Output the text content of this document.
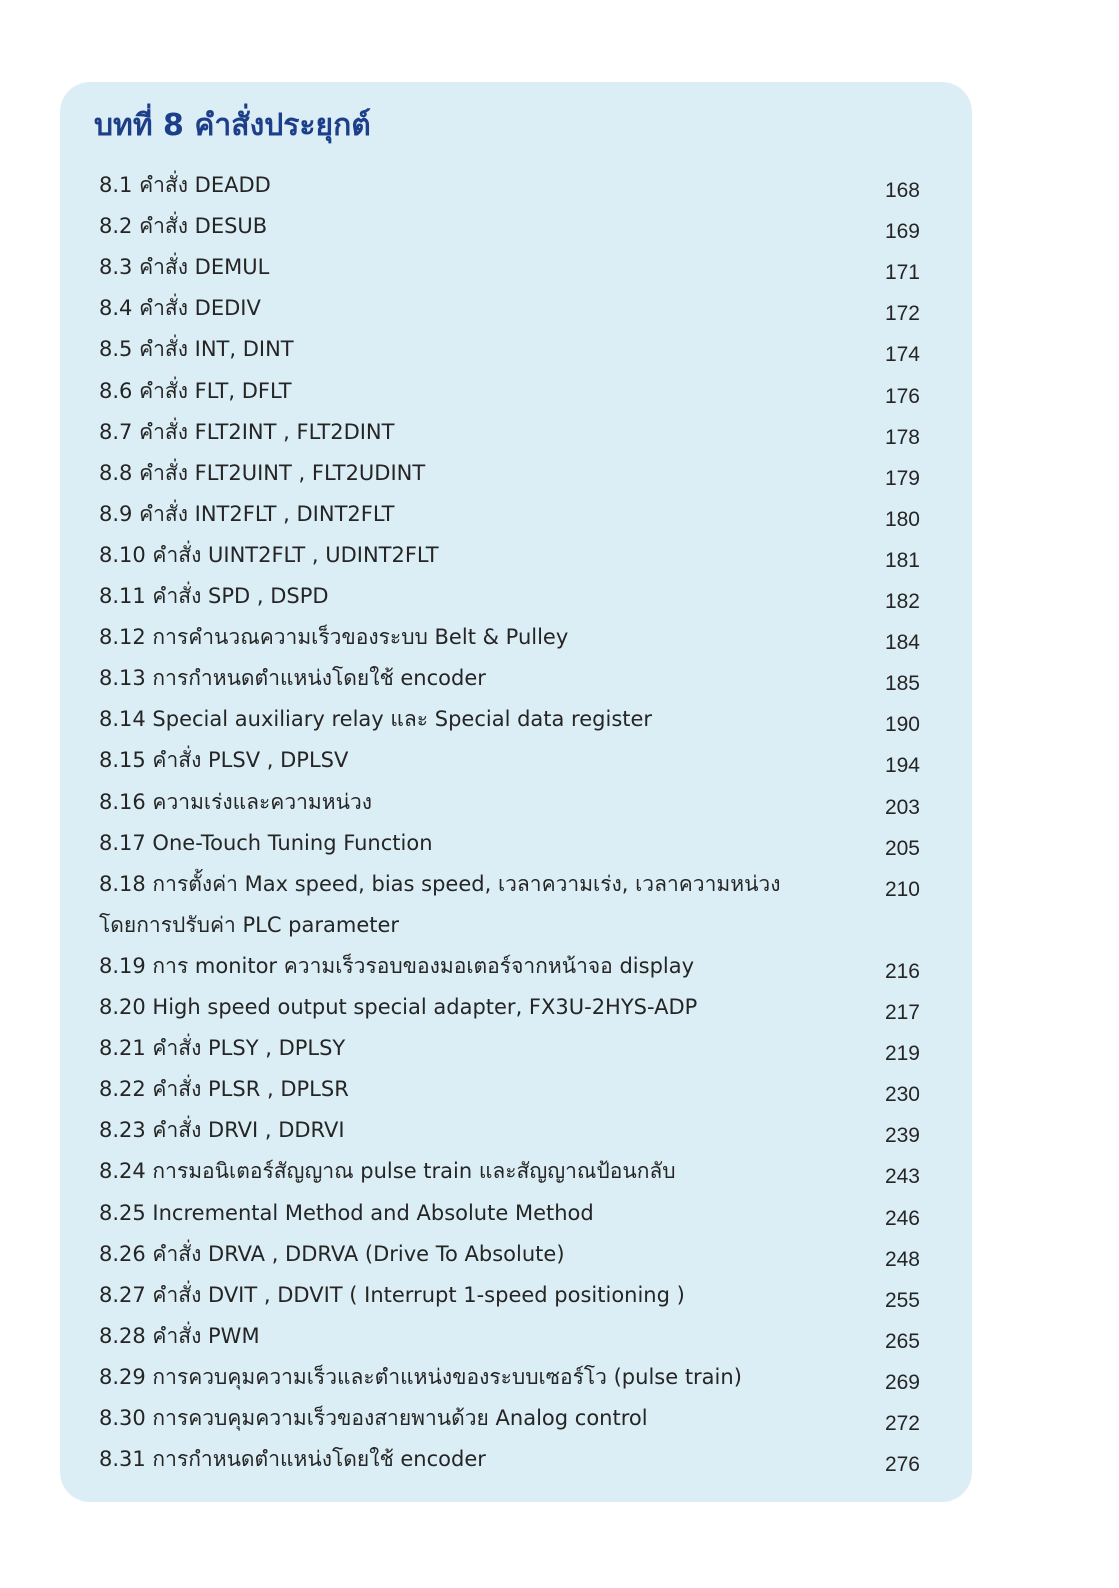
บทที่ 8 คำสั่งประยุกต์
8.1 คำสั่ง DEADD	168
8.2 คำสั่ง DESUB	169
8.3 คำสั่ง DEMUL	171
8.4 คำสั่ง DEDIV	172
8.5 คำสั่ง INT, DINT	174
8.6 คำสั่ง FLT, DFLT	176
8.7 คำสั่ง FLT2INT , FLT2DINT	178
8.8 คำสั่ง FLT2UINT , FLT2UDINT	179
8.9 คำสั่ง INT2FLT , DINT2FLT	180
8.10 คำสั่ง UINT2FLT , UDINT2FLT	181
8.11 คำสั่ง SPD , DSPD	182
8.12 การคำนวณความเร็วของระบบ Belt & Pulley	184
8.13 การกำหนดตำแหน่งโดยใช้ encoder	185
8.14 Special auxiliary relay และ Special data register	190
8.15 คำสั่ง PLSV , DPLSV	194
8.16 ความเร่งและความหน่วง	203
8.17 One-Touch Tuning Function	205
8.18 การตั้งค่า Max speed, bias speed, เวลาความเร่ง, เวลาความหน่วง	210
โดยการปรับค่า PLC parameter
8.19 การ monitor ความเร็วรอบของมอเตอร์จากหน้าจอ display	216
8.20 High speed output special adapter, FX3U-2HYS-ADP	217
8.21 คำสั่ง PLSY , DPLSY	219
8.22 คำสั่ง PLSR , DPLSR	230
8.23 คำสั่ง DRVI , DDRVI	239
8.24 การมอนิเตอร์สัญญาณ pulse train และสัญญาณป้อนกลับ	243
8.25 Incremental Method and Absolute Method	246
8.26 คำสั่ง DRVA , DDRVA (Drive To Absolute)	248
8.27 คำสั่ง DVIT , DDVIT ( Interrupt 1-speed positioning )	255
8.28 คำสั่ง PWM	265
8.29 การควบคุมความเร็วและตำแหน่งของระบบเซอร์โว (pulse train)	269
8.30 การควบคุมความเร็วของสายพานด้วย Analog control	272
8.31 การกำหนดตำแหน่งโดยใช้ encoder	276
